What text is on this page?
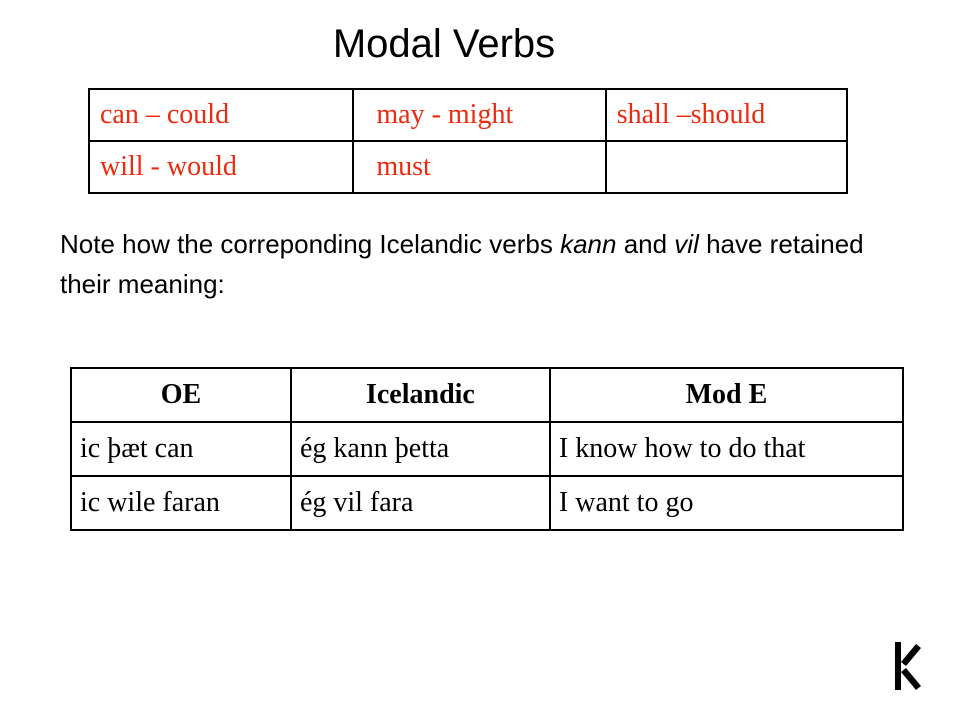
Modal Verbs
can – could	may - might	shall –should
will - would	must	

Note how the correponding Icelandic verbs kann and vil have retained their meaning:

OE	Icelandic	Mod E
ic þæt can	ég kann þetta	I know how to do that
ic wile faran	ég vil fara	I want to go
